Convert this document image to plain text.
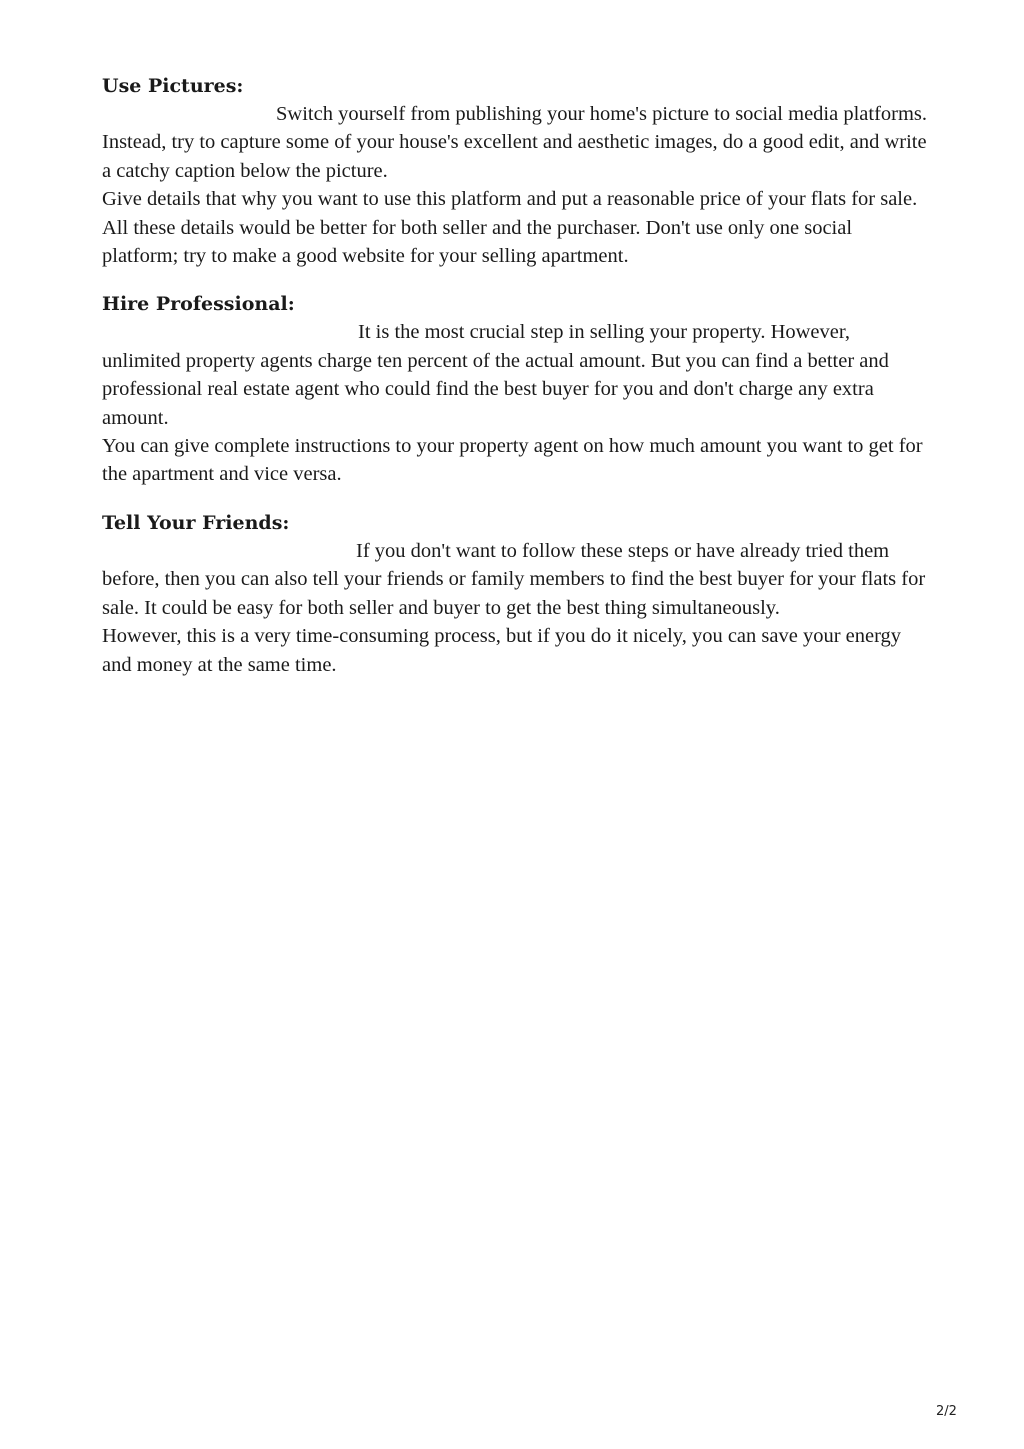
Use Pictures:

Switch yourself from publishing your home's picture to social media platforms. Instead, try to capture some of your house's excellent and aesthetic images, do a good edit, and write a catchy caption below the picture.

Give details that why you want to use this platform and put a reasonable price of your flats for sale. All these details would be better for both seller and the purchaser. Don't use only one social platform; try to make a good website for your selling apartment.

Hire Professional:

It is the most crucial step in selling your property. However, unlimited property agents charge ten percent of the actual amount. But you can find a better and professional real estate agent who could find the best buyer for you and don't charge any extra amount.

You can give complete instructions to your property agent on how much amount you want to get for the apartment and vice versa.

Tell Your Friends:

If you don't want to follow these steps or have already tried them before, then you can also tell your friends or family members to find the best buyer for your flats for sale. It could be easy for both seller and buyer to get the best thing simultaneously.

However, this is a very time-consuming process, but if you do it nicely, you can save your energy and money at the same time.

2/2
